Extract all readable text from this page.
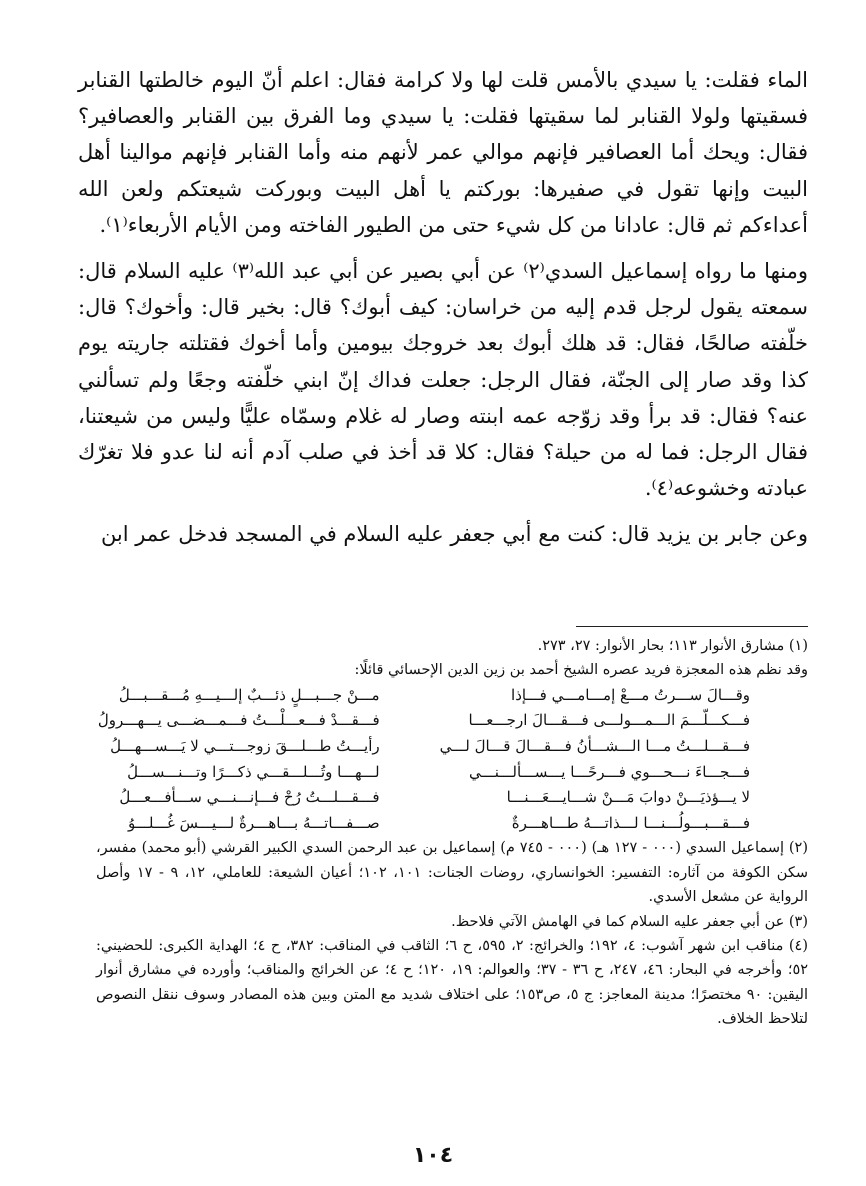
الماء فقلت: يا سيدي بالأمس قلت لها ولا كرامة فقال: اعلم أنّ اليوم خالطتها القنابر فسقيتها ولولا القنابر لما سقيتها فقلت: يا سيدي وما الفرق بين القنابر والعصافير؟ فقال: ويحك أما العصافير فإنهم موالي عمر لأنهم منه وأما القنابر فإنهم موالينا أهل البيت وإنها تقول في صفيرها: بوركتم يا أهل البيت وبوركت شيعتكم ولعن الله أعداءكم ثم قال: عادانا من كل شيء حتى من الطيور الفاخته ومن الأيام الأربعاء⁽١⁾.

ومنها ما رواه إسماعيل السدي⁽٢⁾ عن أبي بصير عن أبي عبد الله⁽٣⁾ عليه السلام قال: سمعته يقول لرجل قدم إليه من خراسان: كيف أبوك؟ قال: بخير قال: وأخوك؟ قال: خلّفته صالحًا، فقال: قد هلك أبوك بعد خروجك بيومين وأما أخوك فقتلته جاريته يوم كذا وقد صار إلى الجنّة، فقال الرجل: جعلت فداك إنّ ابني خلّفته وجعًا ولم تسألني عنه؟ فقال: قد برأ وقد زوّجه عمه ابنته وصار له غلام وسمّاه عليًّا وليس من شيعتنا، فقال الرجل: فما له من حيلة؟ فقال: كلا قد أخذ في صلب آدم أنه لنا عدو فلا تغرّك عبادته وخشوعه⁽٤⁾.

وعن جابر بن يزيد قال: كنت مع أبي جعفر عليه السلام في المسجد فدخل عمر ابن

(١) مشارق الأنوار ١١٣؛ بحار الأنوار: ٢٧، ٢٧٣.

وقد نظم هذه المعجزة فريد عصره الشيخ أحمد بن زين الدين الإحسائي قائلًا:

وقـــالَ ســـرتُ مـــعْ إمـــامـــي فـــإذا
مـــنْ جـــبـــلٍ ذئـــبٌ إلـــيـــهِ مُـــقـــبـــلُ
فـــكـــلّـــمَ الـــمـــولـــى فـــقـــالَ ارجـــعـــا
فـــقـــدْ فـــعـــلْـــتُ فـــمـــضـــى يـــهـــرولُ
فـــقـــلـــتُ مـــا الـــشـــأنُ فـــقـــالَ قـــالَ لـــي
رأيـــتُ طـــلـــقَ زوجـــتـــي لا يَـــســـهـــلُ
فـــجـــاءَ نـــحـــوي فـــرحًـــا يـــســـألـــنـــي
لـــهـــا وتُـــلـــقـــي ذكـــرًا وتـــنـــســـلُ
لا يـــؤذيَـــنْ دوابَ مَـــنْ شـــايـــعَـــنـــا
فـــقـــلـــتُ رُحْ فـــإنـــنـــي ســـأفـــعـــلُ
فـــقـــبـــولُـــنـــا لـــذاتـــهُ طـــاهـــرةٌ
صـــفـــاتـــهُ بـــاهـــرةٌ لـــيـــسَ غُـــلـــوُ

(٢) إسماعيل السدي (٠٠٠ - ١٢٧ هـ) (٠٠٠ - ٧٤٥ م) إسماعيل بن عبد الرحمن السدي الكبير القرشي (أبو محمد) مفسر، سكن الكوفة من آثاره: التفسير: الخوانساري، روضات الجنات: ١٠١، ١٠٢؛ أعيان الشيعة: للعاملي، ١٢، ٩ - ١٧ وأصل الرواية عن مشعل الأسدي.

(٣) عن أبي جعفر عليه السلام كما في الهامش الآتي فلاحظ.

(٤) مناقب ابن شهر آشوب: ٤، ١٩٢؛ والخرائج: ٢، ٥٩٥، ح ٦؛ الثاقب في المناقب: ٣٨٢، ح ٤؛ الهداية الكبرى: للحضيني: ٥٢؛ وأخرجه في البحار: ٤٦، ٢٤٧، ح ٣٦ - ٣٧؛ والعوالم: ١٩، ١٢٠؛ ح ٤؛ عن الخرائج والمناقب؛ وأورده في مشارق أنوار اليقين: ٩٠ مختصرًا؛ مدينة المعاجز: ج ٥، ص١٥٣؛ على اختلاف شديد مع المتن وبين هذه المصادر وسوف ننقل النصوص لتلاحظ الخلاف.

١٠٤
